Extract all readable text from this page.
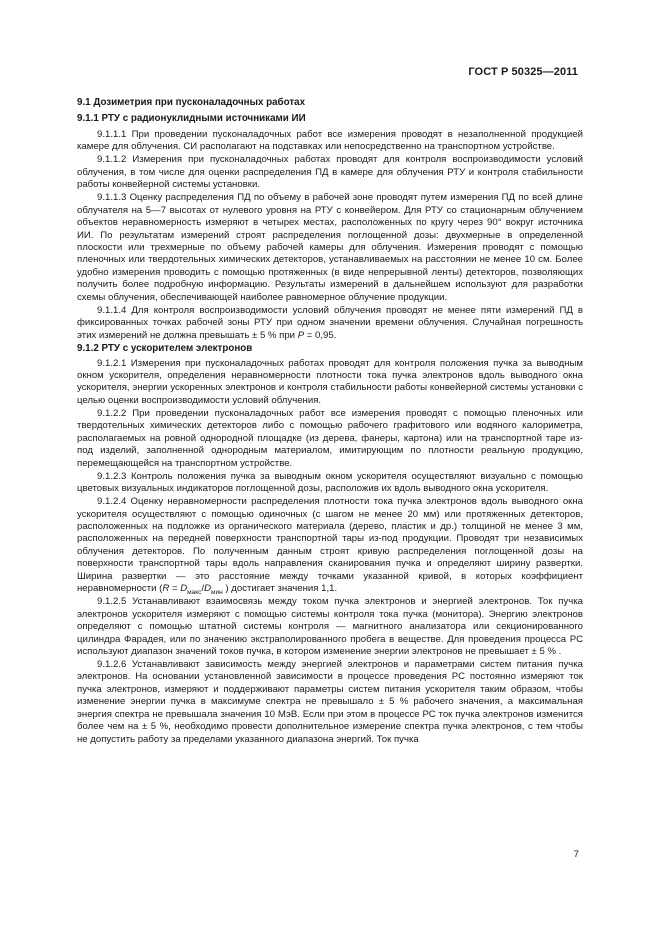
ГОСТ Р 50325—2011

9.1 Дозиметрия при пусконаладочных работах

9.1.1 РТУ с радионуклидными источниками ИИ

9.1.1.1 При проведении пусконаладочных работ все измерения проводят в незаполненной продукцией камере для облучения. СИ располагают на подставках или непосредственно на транспортном устройстве.

9.1.1.2 Измерения при пусконаладочных работах проводят для контроля воспроизводимости условий облучения, в том числе для оценки распределения ПД в камере для облучения РТУ и контроля стабильности работы конвейерной системы установки.

9.1.1.3 Оценку распределения ПД по объему в рабочей зоне проводят путем измерения ПД по всей длине облучателя на 5—7 высотах от нулевого уровня на РТУ с конвейером. Для РТУ со стационарным облучением объектов неравномерность измеряют в четырех местах, расположенных по кругу через 90° вокруг источника ИИ. По результатам измерений строят распределения поглощенной дозы: двухмерные в определенной плоскости или трехмерные по объему рабочей камеры для облучения. Измерения проводят с помощью пленочных или твердотельных химических детекторов, устанавливаемых на расстоянии не менее 10 см. Более удобно измерения проводить с помощью протяженных (в виде непрерывной ленты) детекторов, позволяющих получить более подробную информацию. Результаты измерений в дальнейшем используют для разработки схемы облучения, обеспечивающей наиболее равномерное облучение продукции.

9.1.1.4 Для контроля воспроизводимости условий облучения проводят не менее пяти измерений ПД в фиксированных точках рабочей зоны РТУ при одном значении времени облучения. Случайная погрешность этих измерений не должна превышать ± 5 % при Р = 0,95.

9.1.2 РТУ с ускорителем электронов

9.1.2.1 Измерения при пусконаладочных работах проводят для контроля положения пучка за выводным окном ускорителя, определения неравномерности плотности тока пучка электронов вдоль выводного окна ускорителя, энергии ускоренных электронов и контроля стабильности работы конвейерной системы установки с целью оценки воспроизводимости условий облучения.

9.1.2.2 При проведении пусконаладочных работ все измерения проводят с помощью пленочных или твердотельных химических детекторов либо с помощью рабочего графитового или водяного калориметра, располагаемых на ровной однородной площадке (из дерева, фанеры, картона) или на транспортной таре из-под изделий, заполненной однородным материалом, имитирующим по плотности реальную продукцию, перемещающейся на транспортном устройстве.

9.1.2.3 Контроль положения пучка за выводным окном ускорителя осуществляют визуально с помощью цветовых визуальных индикаторов поглощенной дозы, расположив их вдоль выводного окна ускорителя.

9.1.2.4 Оценку неравномерности распределения плотности тока пучка электронов вдоль выводного окна ускорителя осуществляют с помощью одиночных (с шагом не менее 20 мм) или протяженных детекторов, расположенных на подложке из органического материала (дерево, пластик и др.) толщиной не менее 3 мм, расположенных на передней поверхности транспортной тары из-под продукции. Проводят три независимых облучения детекторов. По полученным данным строят кривую распределения поглощенной дозы на поверхности транспортной тары вдоль направления сканирования пучка и определяют ширину развертки. Ширина развертки — это расстояние между точками указанной кривой, в которых коэффициент неравномерности ($R = D_{макс}/D_{мин}$ ) достигает значения 1,1.

9.1.2.5 Устанавливают взаимосвязь между током пучка электронов и энергией электронов. Ток пучка электронов ускорителя измеряют с помощью системы контроля тока пучка (монитора). Энергию электронов определяют с помощью штатной системы контроля — магнитного анализатора или секционированного цилиндра Фарадея, или по значению экстраполированного пробега в веществе. Для проведения процесса РС используют диапазон значений токов пучка, в котором изменение энергии электронов не превышает ± 5 % .

9.1.2.6 Устанавливают зависимость между энергией электронов и параметрами систем питания пучка электронов. На основании установленной зависимости в процессе проведения РС постоянно измеряют ток пучка электронов, измеряют и поддерживают параметры систем питания ускорителя таким образом, чтобы изменение энергии пучка в максимуме спектра не превышало ± 5 % рабочего значения, а максимальная энергия спектра не превышала значения 10 МэВ. Если при этом в процессе РС ток пучка электронов изменится более чем на ± 5 %, необходимо провести дополнительное измерение спектра пучка электронов, с тем чтобы не допустить работу за пределами указанного диапазона энергий. Ток пучка

7
